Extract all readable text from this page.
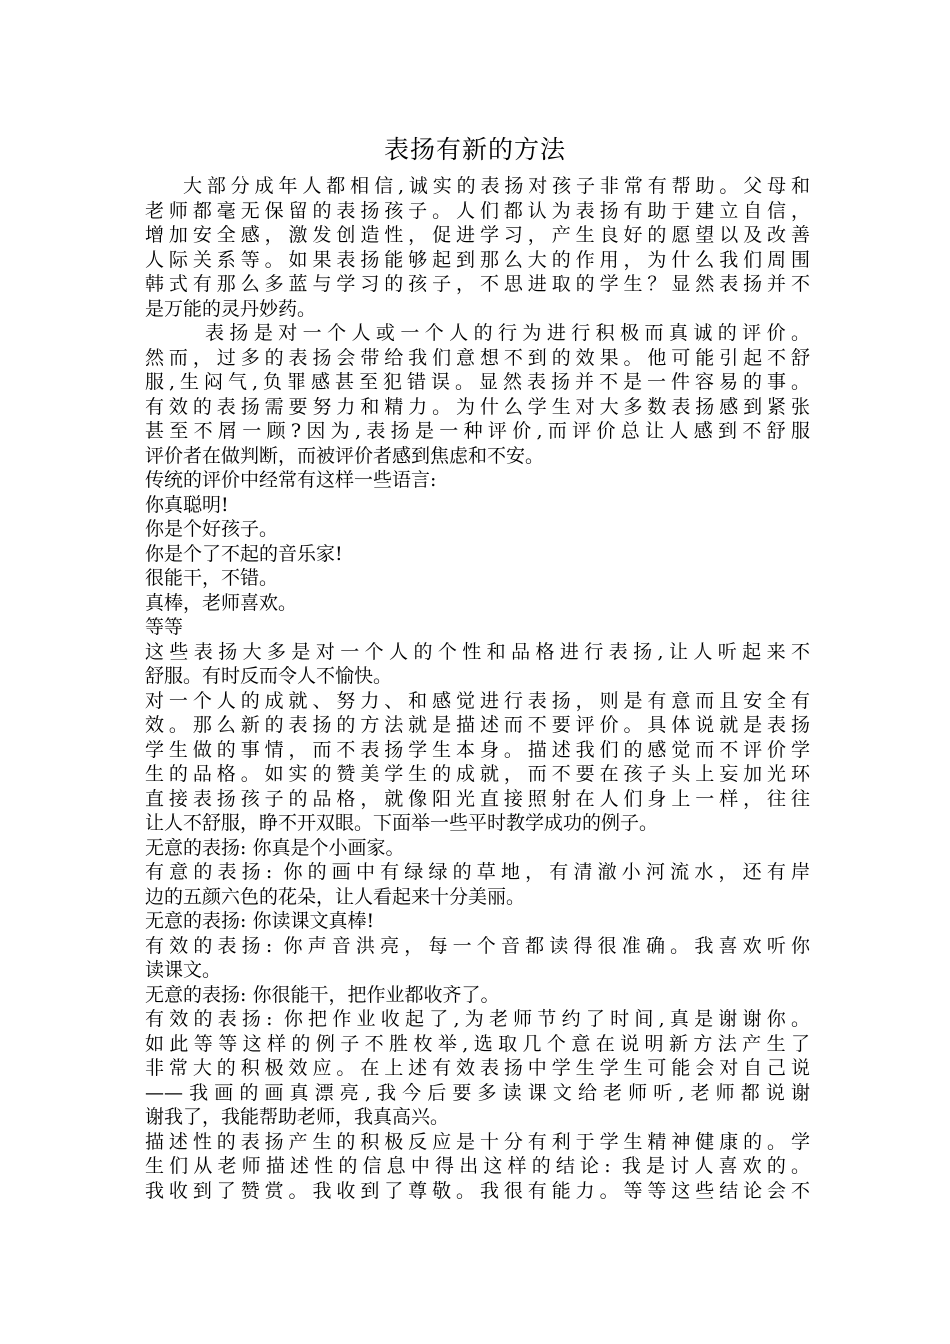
表扬有新的方法
大部分成年人都相信,诚实的表扬对孩子非常有帮助。父母和
老师都毫无保留的表扬孩子。人们都认为表扬有助于建立自信，
增加安全感，激发创造性，促进学习，产生良好的愿望以及改善
人际关系等。如果表扬能够起到那么大的作用，为什么我们周围
韩式有那么多蓝与学习的孩子，不思进取的学生？显然表扬并不
是万能的灵丹妙药。
表扬是对一个人或一个人的行为进行积极而真诚的评价。
然而，过多的表扬会带给我们意想不到的效果。他可能引起不舒
服,生闷气,负罪感甚至犯错误。显然表扬并不是一件容易的事。
有效的表扬需要努力和精力。为什么学生对大多数表扬感到紧张
甚至不屑一顾?因为,表扬是一种评价,而评价总让人感到不舒服
评价者在做判断，而被评价者感到焦虑和不安。
传统的评价中经常有这样一些语言:
你真聪明!
你是个好孩子。
你是个了不起的音乐家!
很能干，不错。
真棒，老师喜欢。
等等
这些表扬大多是对一个人的个性和品格进行表扬,让人听起来不
舒服。有时反而令人不愉快。
对一个人的成就、努力、和感觉进行表扬，则是有意而且安全有
效。那么新的表扬的方法就是描述而不要评价。具体说就是表扬
学生做的事情，而不表扬学生本身。描述我们的感觉而不评价学
生的品格。如实的赞美学生的成就，而不要在孩子头上妄加光环
直接表扬孩子的品格，就像阳光直接照射在人们身上一样，往往
让人不舒服，睁不开双眼。下面举一些平时教学成功的例子。
无意的表扬: 你真是个小画家。
有意的表扬: 你的画中有绿绿的草地，有清澈小河流水，还有岸
边的五颜六色的花朵，让人看起来十分美丽。
无意的表扬: 你读课文真棒!
有效的表扬: 你声音洪亮，每一个音都读得很准确。我喜欢听你
读课文。
无意的表扬: 你很能干，把作业都收齐了。
有效的表扬: 你把作业收起了,为老师节约了时间,真是谢谢你。
如此等等这样的例子不胜枚举,选取几个意在说明新方法产生了
非常大的积极效应。在上述有效表扬中学生学生可能会对自己说
——我画的画真漂亮,我今后要多读课文给老师听,老师都说谢
谢我了，我能帮助老师，我真高兴。
描述性的表扬产生的积极反应是十分有利于学生精神健康的。学
生们从老师描述性的信息中得出这样的结论: 我是讨人喜欢的。
我收到了赞赏。我收到了尊敬。我很有能力。等等这些结论会不
